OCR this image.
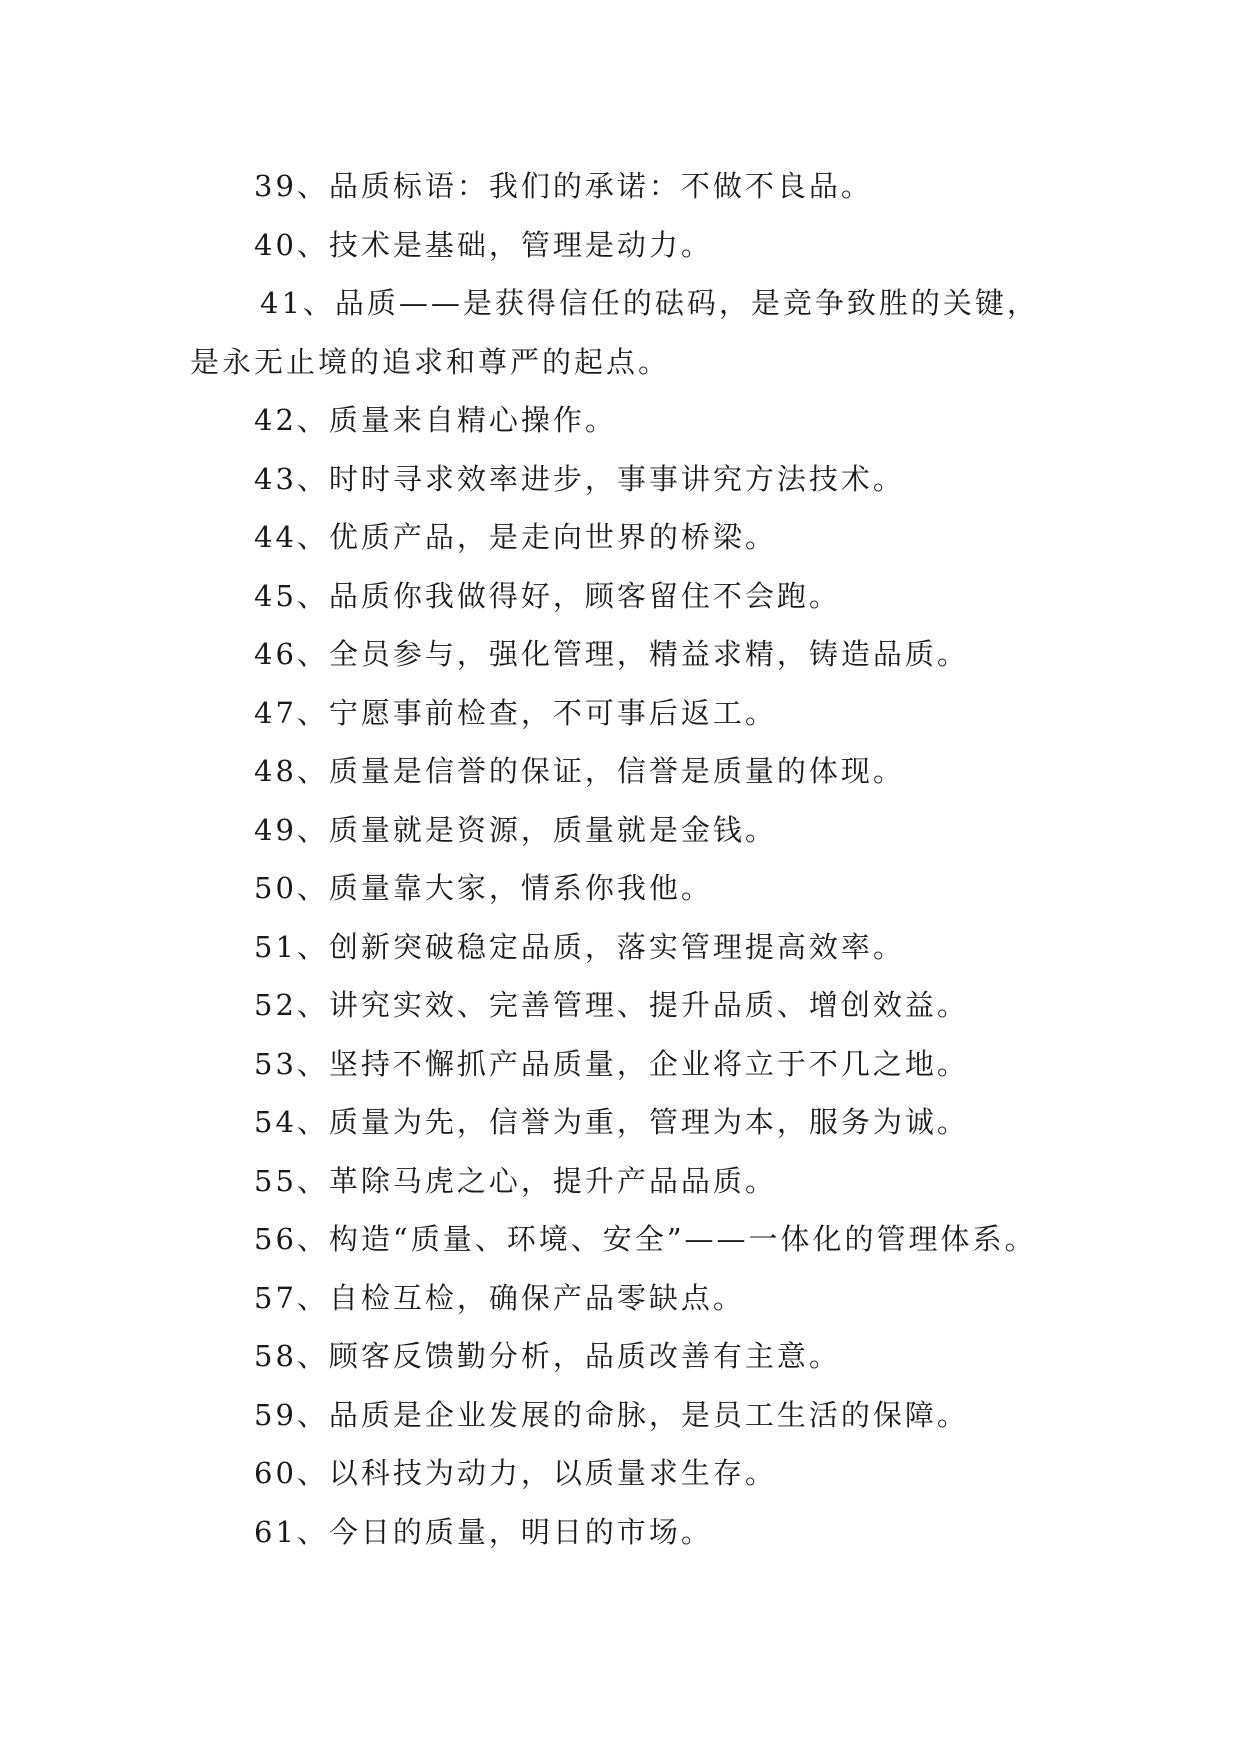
39、品质标语：我们的承诺：不做不良品。
40、技术是基础，管理是动力。
41、品质——是获得信任的砝码，是竞争致胜的关键，
是永无止境的追求和尊严的起点。
42、质量来自精心操作。
43、时时寻求效率进步，事事讲究方法技术。
44、优质产品，是走向世界的桥梁。
45、品质你我做得好，顾客留住不会跑。
46、全员参与，强化管理，精益求精，铸造品质。
47、宁愿事前检查，不可事后返工。
48、质量是信誉的保证，信誉是质量的体现。
49、质量就是资源，质量就是金钱。
50、质量靠大家，情系你我他。
51、创新突破稳定品质，落实管理提高效率。
52、讲究实效、完善管理、提升品质、增创效益。
53、坚持不懈抓产品质量，企业将立于不几之地。
54、质量为先，信誉为重，管理为本，服务为诚。
55、革除马虎之心，提升产品品质。
56、构造“质量、环境、安全”——一体化的管理体系。
57、自检互检，确保产品零缺点。
58、顾客反馈勤分析，品质改善有主意。
59、品质是企业发展的命脉，是员工生活的保障。
60、以科技为动力，以质量求生存。
61、今日的质量，明日的市场。
